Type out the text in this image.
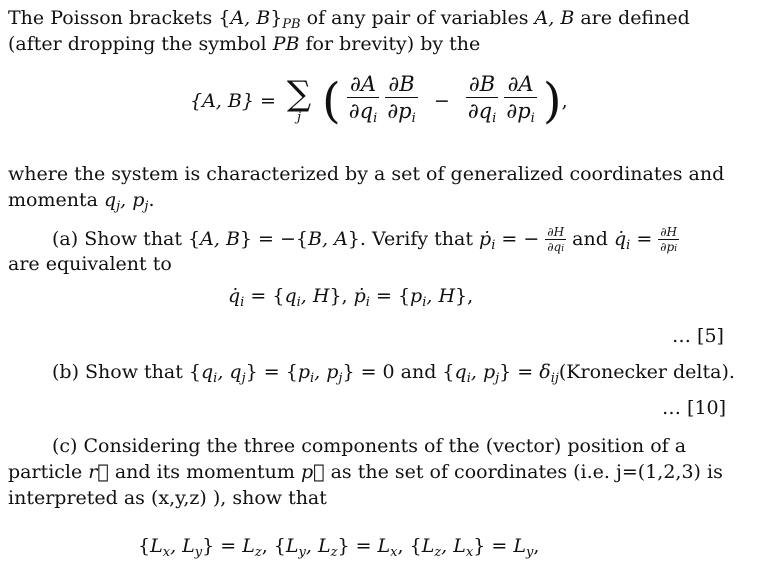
The Poisson brackets {A, $B\}_{PB}$ of any pair of variables A, B are defined
(after dropping the symbol PB for brevity) by the
{A, B} = ∑
j ( $\frac{\partial A}{\partial q_i}$
$\frac{\partial B}{\partial p_i} - \frac{\partial B}{\partial q_i}$
$\frac{\partial A}{\partial p_i}$ ),
where the system is characterized by a set of generalized coordinates and
momenta $q_j$, $p_j$.
(a) Show that {A, B} = −{B, A}. Verify that ṗ$_i$ = − $\frac{\partial H}{\partial qi}$ and $q̇_i = \frac{\partial H}{\partial pi}$
are equivalent to
$q̇_i = \{q_i$, H}, ṗ$_i$ = {$p_i$, H},
… [5]
(b) Show that {$q_i$, $q_j\} = \{p_i$, $p_j\} = 0$ and {$q_i$, $p_j$} = $\delta_{ij}(Kronecker$ delta).
… [10]
(c) Considering the three components of the (vector) position of a
particle r⃗ and its momentum p⃗ as the set of coordinates (i.e. j=(1,2,3) is
interpreted as (x,y,z) ), show that
{$L_x$, $L_y\} = L_z$, {$L_y$, $L_z\} = L_x$, {$L_z$, $L_x\} = L_y$,
